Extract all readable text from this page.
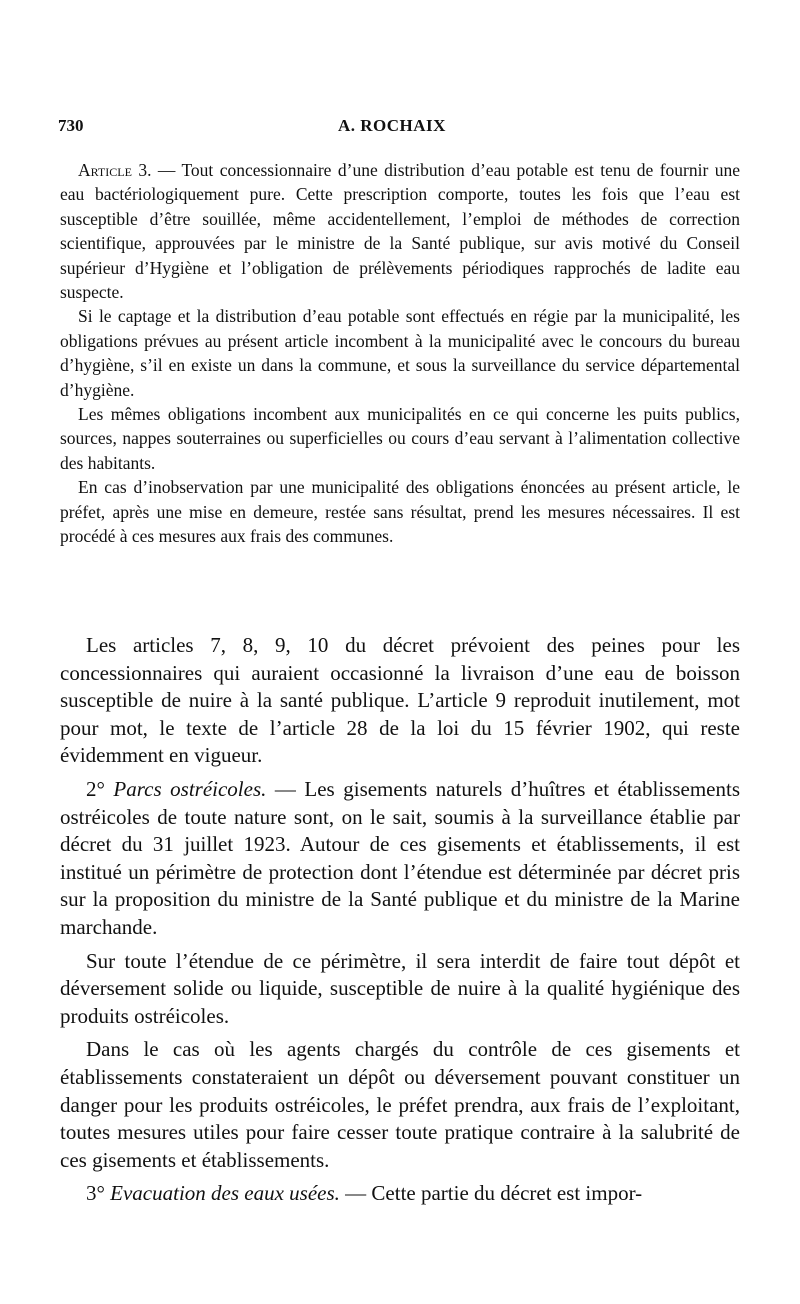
730	A. ROCHAIX

Article 3. — Tout concessionnaire d’une distribution d’eau potable est tenu de fournir une eau bactériologiquement pure. Cette prescription comporte, toutes les fois que l’eau est susceptible d’être souillée, même accidentellement, l’emploi de méthodes de correction scientifique, approuvées par le ministre de la Santé publique, sur avis motivé du Conseil supérieur d’Hygiène et l’obligation de prélèvements périodiques rapprochés de ladite eau suspecte.

Si le captage et la distribution d’eau potable sont effectués en régie par la municipalité, les obligations prévues au présent article incombent à la municipalité avec le concours du bureau d’hygiène, s’il en existe un dans la commune, et sous la surveillance du service départemental d’hygiène.

Les mêmes obligations incombent aux municipalités en ce qui concerne les puits publics, sources, nappes souterraines ou superficielles ou cours d’eau servant à l’alimentation collective des habitants.

En cas d’inobservation par une municipalité des obligations énoncées au présent article, le préfet, après une mise en demeure, restée sans résultat, prend les mesures nécessaires. Il est procédé à ces mesures aux frais des communes.

Les articles 7, 8, 9, 10 du décret prévoient des peines pour les concessionnaires qui auraient occasionné la livraison d’une eau de boisson susceptible de nuire à la santé publique. L’article 9 reproduit inutilement, mot pour mot, le texte de l’article 28 de la loi du 15 février 1902, qui reste évidemment en vigueur.

2° Parcs ostréicoles. — Les gisements naturels d’huîtres et établissements ostréicoles de toute nature sont, on le sait, soumis à la surveillance établie par décret du 31 juillet 1923. Autour de ces gisements et établissements, il est institué un périmètre de protection dont l’étendue est déterminée par décret pris sur la proposition du ministre de la Santé publique et du ministre de la Marine marchande.

Sur toute l’étendue de ce périmètre, il sera interdit de faire tout dépôt et déversement solide ou liquide, susceptible de nuire à la qualité hygiénique des produits ostréicoles.

Dans le cas où les agents chargés du contrôle de ces gisements et établissements constateraient un dépôt ou déversement pouvant constituer un danger pour les produits ostréicoles, le préfet prendra, aux frais de l’exploitant, toutes mesures utiles pour faire cesser toute pratique contraire à la salubrité de ces gisements et établissements.

3° Evacuation des eaux usées. — Cette partie du décret est impor-
